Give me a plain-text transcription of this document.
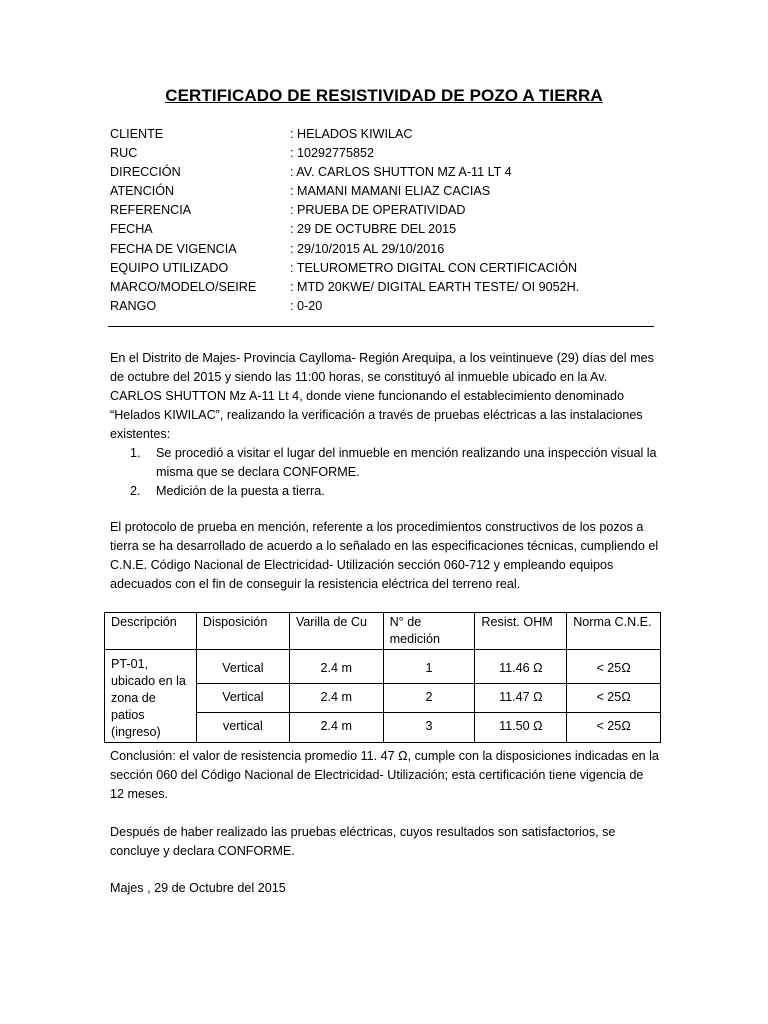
CERTIFICADO DE RESISTIVIDAD DE POZO A TIERRA
CLIENTE	: HELADOS KIWILAC
RUC	: 10292775852
DIRECCIÓN	: AV. CARLOS SHUTTON MZ A-11 LT 4
ATENCIÓN	: MAMANI MAMANI ELIAZ CACIAS
REFERENCIA	: PRUEBA DE OPERATIVIDAD
FECHA	: 29 DE OCTUBRE DEL 2015
FECHA DE VIGENCIA	: 29/10/2015 AL 29/10/2016
EQUIPO UTILIZADO	: TELUROMETRO DIGITAL CON CERTIFICACIÓN
MARCO/MODELO/SEIRE	: MTD 20KWE/ DIGITAL EARTH TESTE/ OI 9052H.
RANGO	: 0-20

En el Distrito de Majes- Provincia Caylloma- Región Arequipa, a los veintinueve (29) días del mes de octubre del 2015 y siendo las 11:00 horas, se constituyó al inmueble ubicado en la Av. CARLOS SHUTTON Mz A-11 Lt 4, donde viene funcionando el establecimiento denominado “Helados KIWILAC”, realizando la verificación a través de pruebas eléctricas a las instalaciones existentes:

1.	Se procedió a visitar el lugar del inmueble en mención realizando una inspección visual la misma que se declara CONFORME.
2.	Medición de la puesta a tierra.

El protocolo de prueba en mención, referente a los procedimientos constructivos de los pozos a tierra se ha desarrollado de acuerdo a lo señalado en las especificaciones técnicas, cumpliendo el C.N.E. Código Nacional de Electricidad- Utilización sección 060-712 y empleando equipos adecuados con el fin de conseguir la resistencia eléctrica del terreno real.

Descripción	Disposición	Varilla de Cu	N° de medición	Resist. OHM	Norma C.N.E.
PT-01, ubicado en la zona de patios (ingreso)	Vertical	2.4 m	1	11.46 Ω	< 25Ω
	Vertical	2.4 m	2	11.47 Ω	< 25Ω
	vertical	2.4 m	3	11.50 Ω	< 25Ω

Conclusión: el valor de resistencia promedio 11. 47 Ω, cumple con la disposiciones indicadas en la sección 060 del Código Nacional de Electricidad- Utilización; esta certificación tiene vigencia de 12 meses.

Después de haber realizado las pruebas eléctricas, cuyos resultados son satisfactorios, se concluye y declara CONFORME.

Majes , 29 de Octubre del 2015
